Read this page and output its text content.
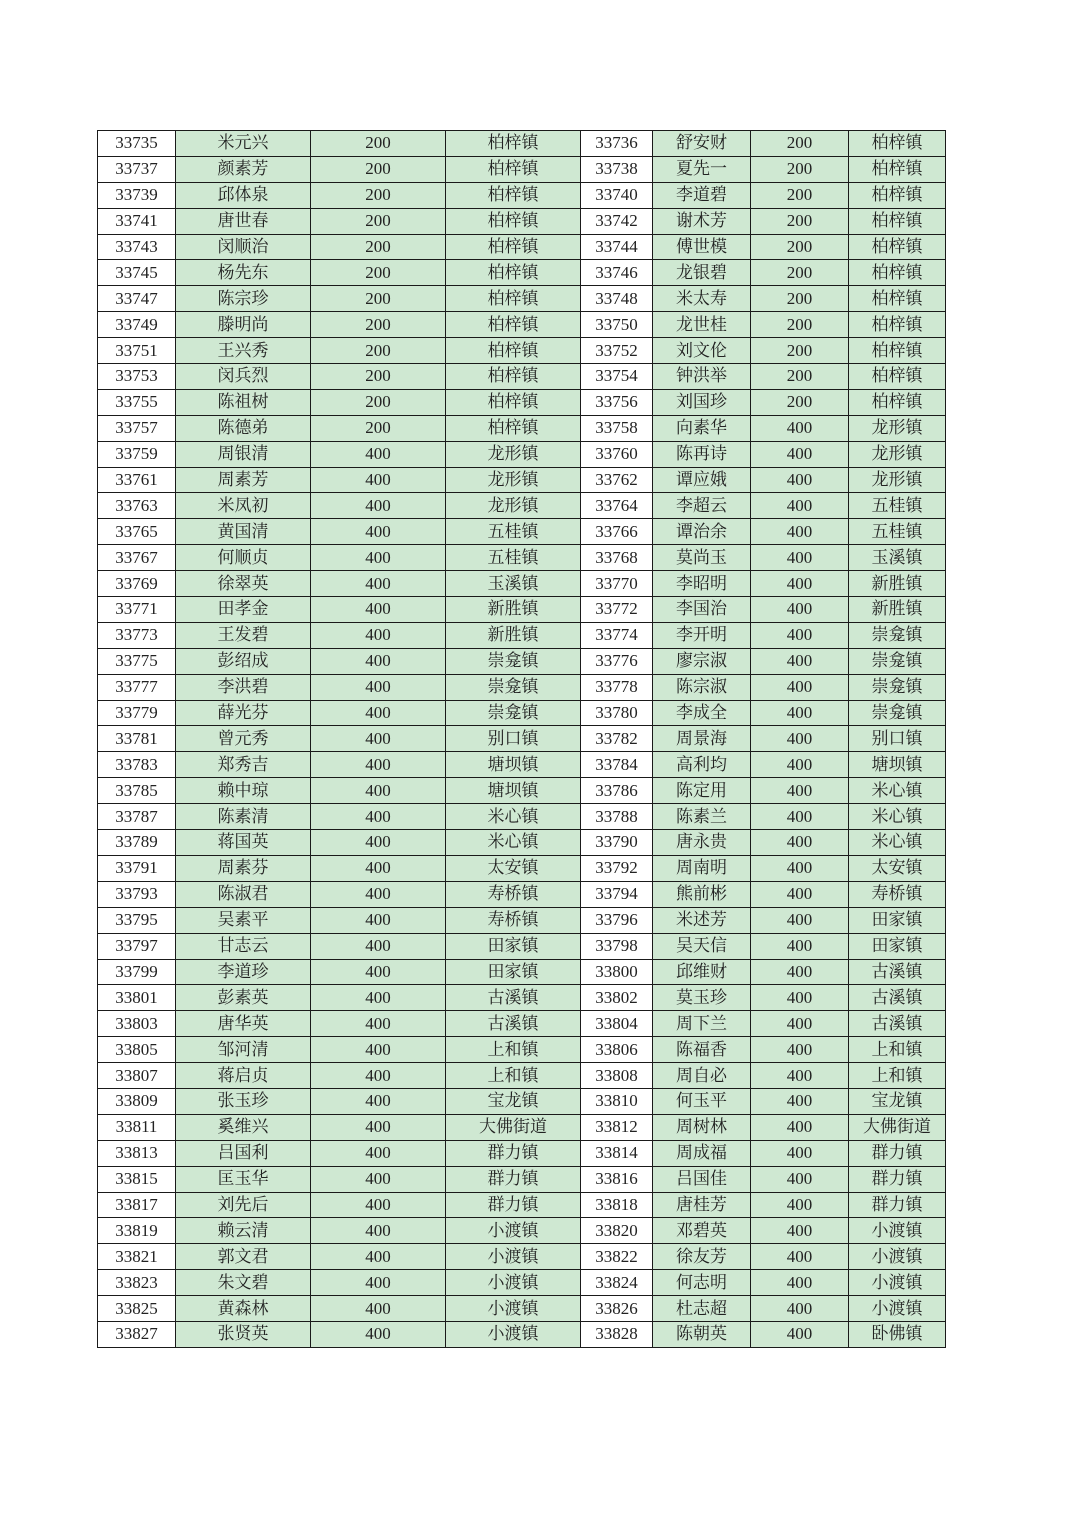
33735	米元兴	200	柏梓镇	33736	舒安财	200	柏梓镇
33737	颜素芳	200	柏梓镇	33738	夏先一	200	柏梓镇
33739	邱体泉	200	柏梓镇	33740	李道碧	200	柏梓镇
33741	唐世春	200	柏梓镇	33742	谢术芳	200	柏梓镇
33743	闵顺治	200	柏梓镇	33744	傅世模	200	柏梓镇
33745	杨先东	200	柏梓镇	33746	龙银碧	200	柏梓镇
33747	陈宗珍	200	柏梓镇	33748	米太寿	200	柏梓镇
33749	滕明尚	200	柏梓镇	33750	龙世桂	200	柏梓镇
33751	王兴秀	200	柏梓镇	33752	刘文伦	200	柏梓镇
33753	闵兵烈	200	柏梓镇	33754	钟洪举	200	柏梓镇
33755	陈祖树	200	柏梓镇	33756	刘国珍	200	柏梓镇
33757	陈德弟	200	柏梓镇	33758	向素华	400	龙形镇
33759	周银清	400	龙形镇	33760	陈再诗	400	龙形镇
33761	周素芳	400	龙形镇	33762	谭应娥	400	龙形镇
33763	米凤初	400	龙形镇	33764	李超云	400	五桂镇
33765	黄国清	400	五桂镇	33766	谭治余	400	五桂镇
33767	何顺贞	400	五桂镇	33768	莫尚玉	400	玉溪镇
33769	徐翠英	400	玉溪镇	33770	李昭明	400	新胜镇
33771	田孝金	400	新胜镇	33772	李国治	400	新胜镇
33773	王发碧	400	新胜镇	33774	李开明	400	崇龛镇
33775	彭绍成	400	崇龛镇	33776	廖宗淑	400	崇龛镇
33777	李洪碧	400	崇龛镇	33778	陈宗淑	400	崇龛镇
33779	薛光芬	400	崇龛镇	33780	李成全	400	崇龛镇
33781	曾元秀	400	别口镇	33782	周景海	400	别口镇
33783	郑秀吉	400	塘坝镇	33784	高利均	400	塘坝镇
33785	赖中琼	400	塘坝镇	33786	陈定用	400	米心镇
33787	陈素清	400	米心镇	33788	陈素兰	400	米心镇
33789	蒋国英	400	米心镇	33790	唐永贵	400	米心镇
33791	周素芬	400	太安镇	33792	周南明	400	太安镇
33793	陈淑君	400	寿桥镇	33794	熊前彬	400	寿桥镇
33795	吴素平	400	寿桥镇	33796	米述芳	400	田家镇
33797	甘志云	400	田家镇	33798	吴天信	400	田家镇
33799	李道珍	400	田家镇	33800	邱维财	400	古溪镇
33801	彭素英	400	古溪镇	33802	莫玉珍	400	古溪镇
33803	唐华英	400	古溪镇	33804	周下兰	400	古溪镇
33805	邹河清	400	上和镇	33806	陈福香	400	上和镇
33807	蒋启贞	400	上和镇	33808	周自必	400	上和镇
33809	张玉珍	400	宝龙镇	33810	何玉平	400	宝龙镇
33811	奚维兴	400	大佛街道	33812	周树林	400	大佛街道
33813	吕国利	400	群力镇	33814	周成福	400	群力镇
33815	匡玉华	400	群力镇	33816	吕国佳	400	群力镇
33817	刘先后	400	群力镇	33818	唐桂芳	400	群力镇
33819	赖云清	400	小渡镇	33820	邓碧英	400	小渡镇
33821	郭文君	400	小渡镇	33822	徐友芳	400	小渡镇
33823	朱文碧	400	小渡镇	33824	何志明	400	小渡镇
33825	黄森林	400	小渡镇	33826	杜志超	400	小渡镇
33827	张贤英	400	小渡镇	33828	陈朝英	400	卧佛镇
